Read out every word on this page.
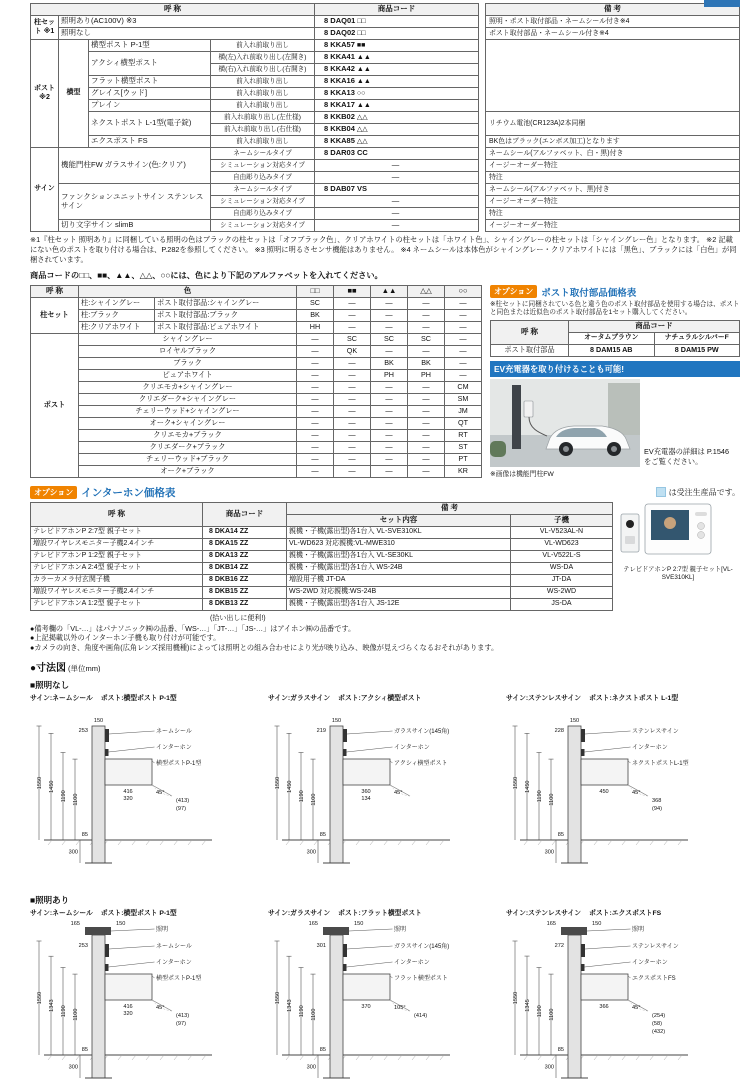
呼 称				商品コード		備 考
柱セット ※1	照明あり(AC100V) ※3			8 DAQ01 □□		照明・ポスト取付部品・ネームシール付き※4
	照明なし			8 DAQ02 □□		ポスト取付部品・ネームシール付き※4
ポスト ※2	横型	横型ポスト P-1型	前入れ前取り出し	8 KKA57 ■■		
		アクシィ横型ポスト	横(左)入れ前取り出し(左開き)	8 KKA41 ▲▲		
			横(右)入れ前取り出し(右開き)	8 KKA42 ▲▲		
		フラット横型ポスト	前入れ前取り出し	8 KKA16 ▲▲		
		グレイス[ウッド]	前入れ前取り出し	8 KKA13 ○○		
		プレイン	前入れ前取り出し	8 KKA17 ▲▲		
		ネクストポスト L-1型(電子錠)	前入れ前取り出し(左仕様)	8 KKB02 △△		リチウム電池(CR123A)2本同梱
			前入れ前取り出し(右仕様)	8 KKB04 △△		
		エクスポスト FS	前入れ前取り出し	8 KKA85 △△		BK色はブラック(エンボス加工)となります
サイン	機能門柱FW ガラスサイン(色:クリア)		ネームシールタイプ	8 DAR03 CC		ネームシール(アルファベット、白・黒)付き
			シミュレーション対応タイプ	—		イージーオーダー特注
			自由彫り込みタイプ	—		特注
	ファンクションユニットサイン ステンレスサイン		ネームシールタイプ	8 DAB07 VS		ネームシール(アルファベット、黒)付き
			シミュレーション対応タイプ	—		イージーオーダー特注
			自由彫り込みタイプ	—		特注
	切り文字サイン slimB		シミュレーション対応タイプ	—		イージーオーダー特注
※1『柱セット 照明あり』に同梱している照明の色はブラックの柱セットは「オフブラック色」、クリアホワイトの柱セットは「ホワイト色」、シャイングレーの柱セットは「シャイングレー色」となります。 ※2 記載にない色のポストを取り付ける場合は、P.282を参照してください。 ※3 照明に明るさセンサ機能はありません。 ※4 ネームシールは本体色がシャイングレー・クリアホワイトには「黒色」、ブラックには「白色」が同梱されています。
商品コードの□□、■■、▲▲、△△、○○には、色により下記のアルファベットを入れてください。
呼 称	色		□□	■■	▲▲	△△	○○
柱セット	柱:シャイングレー	ポスト取付部品:シャイングレー	SC	—	—	—	—
	柱:ブラック	ポスト取付部品:ブラック	BK	—	—	—	—
	柱:クリアホワイト	ポスト取付部品:ピュアホワイト	HH	—	—	—	—
ポスト	シャイングレー		—	SC	SC	SC	—
	ロイヤルブラック		—	QK	—	—	—
	ブラック		—	—	BK	BK	—
	ピュアホワイト		—	—	PH	PH	—
	クリエモカ+シャイングレー		—	—	—	—	CM
	クリエダーク+シャイングレー		—	—	—	—	SM
	チェリーウッド+シャイングレー		—	—	—	—	JM
	オーク+シャイングレー		—	—	—	—	QT
	クリエモカ+ブラック		—	—	—	—	RT
	クリエダーク+ブラック		—	—	—	—	ST
	チェリーウッド+ブラック		—	—	—	—	PT
	オーク+ブラック		—	—	—	—	KR
オプション ポスト取付部品価格表
※柱セットに同梱されている色と違う色のポスト取付部品を使用する場合は、ポストと同色または近似色のポスト取付部品を1セット購入してください。
呼 称	商品コード	
	オータムブラウン	ナチュラルシルバーF
ポスト取付部品	8 DAM15 AB	8 DAM15 PW
EV充電器を取り付けることも可能!
EV充電器の詳細は P.1546をご覧ください。
※画像は機能門柱FW
オプション インターホン価格表	は受注生産品です。
呼 称	商品コード	備 考	
		セット内容	子機
テレビドアホンP 2:7型 親子セット	8 DKA14 ZZ	親機・子機(露出型)各1台入 VL-SVE310KL	VL-V523AL-N
増設ワイヤレスモニター子機2.4インチ	8 DKA15 ZZ	VL-WD623 対応親機:VL-MWE310	VL-WD623
テレビドアホンP 1:2型 親子セット	8 DKA13 ZZ	親機・子機(露出型)各1台入 VL-SE30KL	VL-V522L-S
テレビドアホンA 2:4型 親子セット	8 DKB14 ZZ	親機・子機(露出型)各1台入 WS-24B	WS-DA
カラーカメラ付玄関子機	8 DKB16 ZZ	増設用子機 JT-DA	JT-DA
増設ワイヤレスモニター子機2.4インチ	8 DKB15 ZZ	WS-2WD 対応親機:WS-24B	WS-2WD
テレビドアホンA 1:2型 親子セット	8 DKB13 ZZ	親機・子機(露出型)各1台入 JS-12E	JS-DA
テレビドアホンP 2:7型 親子セット[VL-SVE310KL]
(拾い出しに便利!)
●備考欄の「VL-…」はパナソニック㈱の品番、「WS-…」「JT-…」「JS-…」はアイホン㈱の品番です。
●上記掲載以外のインターホン子機も取り付けが可能です。
●カメラの向き、角度や画角(広角レンズ採用機種)によっては照明との組み合わせにより光が映り込み、映像が見えづらくなるおそれがあります。
●寸法図 (単位mm)
■照明なし
サイン:ネームシール ポスト:横型ポスト P-1型
1550 1450
1190 1100
300
150
ネームシール
インターホン
横型ポストP-1型
253
85
416
320	(413)
(97)
45°
サイン:ガラスサイン ポスト:アクシィ横型ポスト
1550 1450
1190 1100
300
150
ガラスサイン(145角)
インターホン
アクシィ横型ポスト
219
85
360
134
45°
サイン:ステンレスサイン ポスト:ネクストポスト L-1型
1550 1450
1190 1100
300
150
ステンレスサイン
インターホン
ネクストポストL-1型
228
85
450
368
(94)
45°
■照明あり
サイン:ネームシール ポスト:横型ポスト P-1型
1550
1343 1190 1100
300
165	150
照明
ネームシール
インターホン
横型ポストP-1型
253
85
416
320	(413)
(97)
45°
サイン:ガラスサイン ポスト:フラット横型ポスト
1550
1343 1190 1100
300
165	150
照明
ガラスサイン(145角)
インターホン
フラット横型ポスト
301
85
370
(414)
105°
サイン:ステンレスサイン ポスト:エクスポストFS
1550
1345 1190 1100
300
165	150
照明
ステンレスサイン
インターホン
エクスポストFS
272
85
366
(254)
(58)
(432)
45°
